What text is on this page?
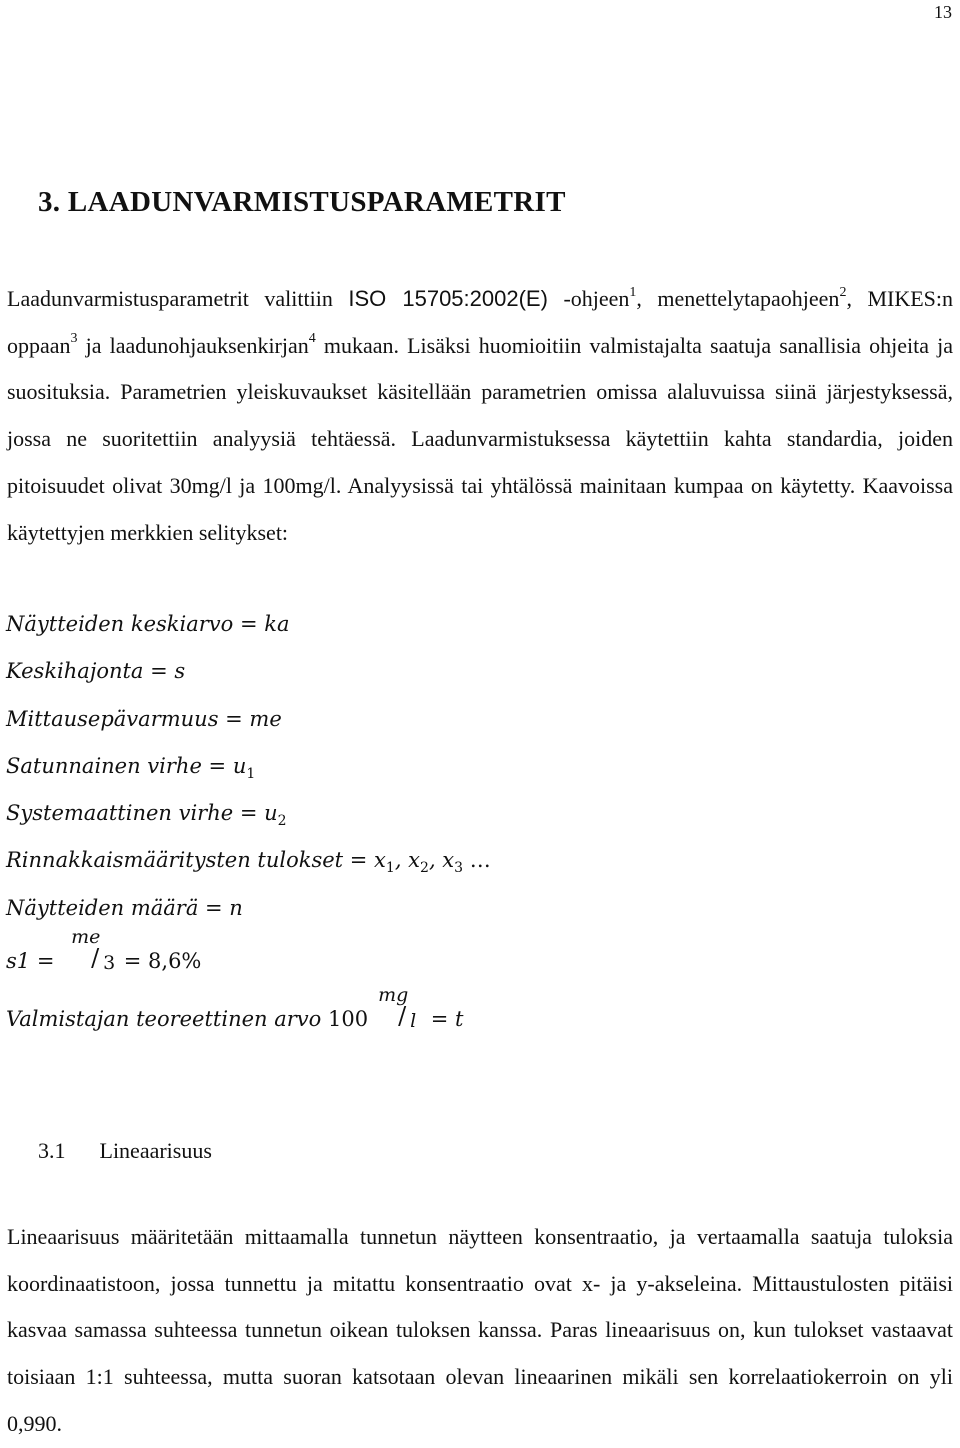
13
3. LAADUNVARMISTUSPARAMETRIT

Laadunvarmistusparametrit valittiin ISO 15705:2002(E) -ohjeen$^1$, menettelytapaohjeen$^2$, MIKES:n oppaan$^3$ ja laadunohjauksenkirjan$^4$ mukaan. Lisäksi huomioitiin valmistajalta saatuja sanallisia ohjeita ja suosituksia. Parametrien yleiskuvaukset käsitellään parametrien omissa alaluvuissa siinä järjestyksessä, jossa ne suoritettiin analyysiä tehtäessä. Laadunvarmistuksessa käytettiin kahta standardia, joiden pitoisuudet olivat 30mg/l ja 100mg/l. Analyysissä tai yhtälössä mainitaan kumpaa on käytetty. Kaavoissa käytettyjen merkkien selitykset:

Näytteiden keskiarvo = ka
Keskihajonta = s
Mittausepävarmuus = me
Satunnainen virhe = $u_1$
Systemaattinen virhe = $u_2$
Rinnakkaismääritysten tulokset = $x_1$, $x_2$, $x_3$ …
Näytteiden määrä = n
s1 =
me
/ 3 = 8,6%
Valmistajan teoreettinen arvo 100
mg
/ l = t
3.1 Lineaarisuus

Lineaarisuus määritetään mittaamalla tunnetun näytteen konsentraatio, ja vertaamalla saatuja tuloksia koordinaatistoon, jossa tunnettu ja mitattu konsentraatio ovat x- ja y-akseleina. Mittaustulosten pitäisi kasvaa samassa suhteessa tunnetun oikean tuloksen kanssa. Paras lineaarisuus on, kun tulokset vastaavat toisiaan 1:1 suhteessa, mutta suoran katsotaan olevan lineaarinen mikäli sen korrelaatiokerroin on yli 0,990.
